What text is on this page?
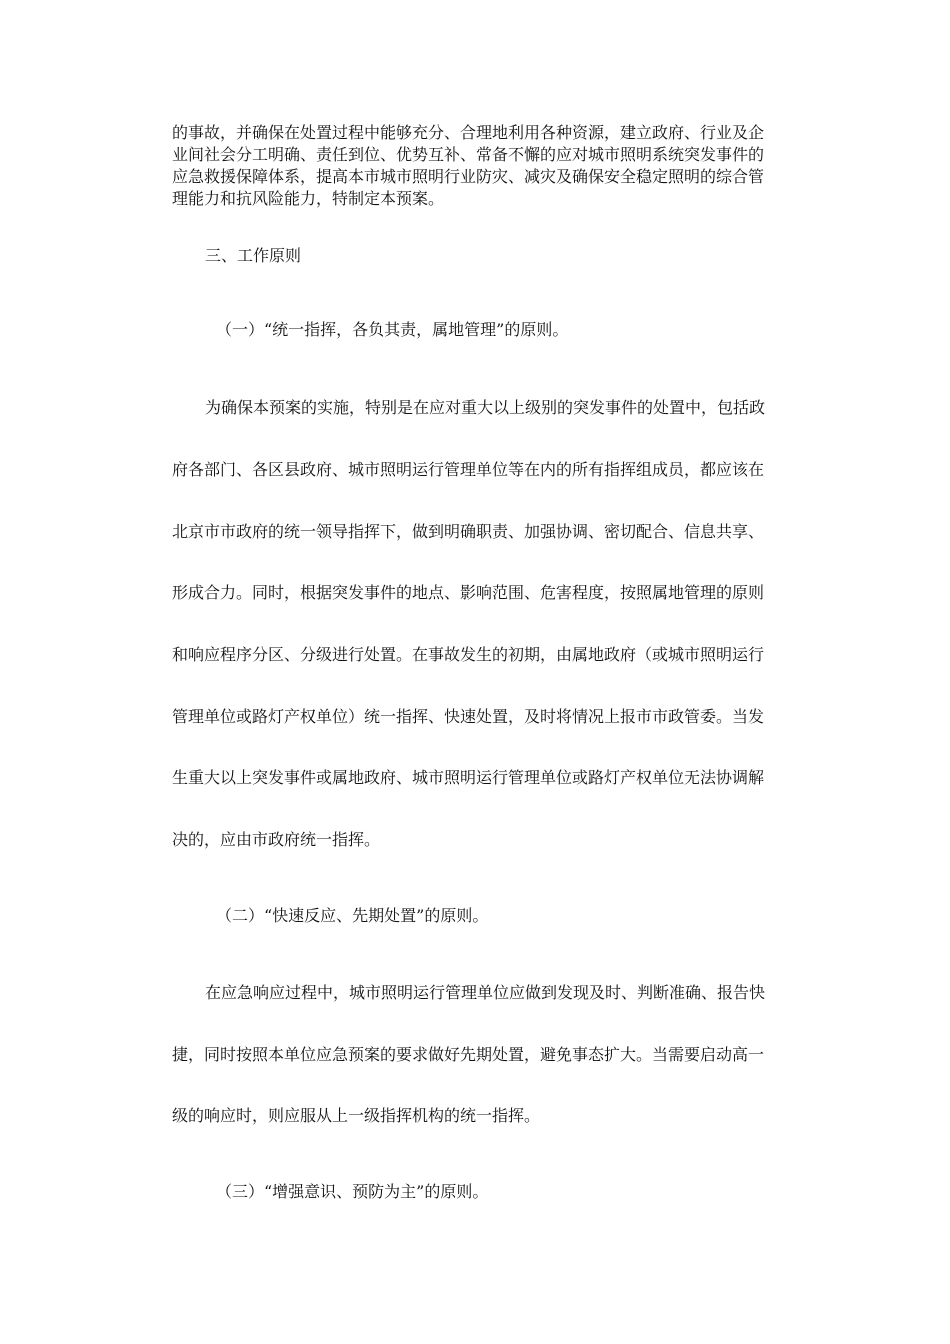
的事故，并确保在处置过程中能够充分、合理地利用各种资源，建立政府、行业及企
业间社会分工明确、责任到位、优势互补、常备不懈的应对城市照明系统突发事件的
应急救援保障体系，提高本市城市照明行业防灾、减灾及确保安全稳定照明的综合管
理能力和抗风险能力，特制定本预案。

三、工作原则

（一）“统一指挥，各负其责，属地管理”的原则。

为确保本预案的实施，特别是在应对重大以上级别的突发事件的处置中，包括政

府各部门、各区县政府、城市照明运行管理单位等在内的所有指挥组成员，都应该在

北京市市政府的统一领导指挥下，做到明确职责、加强协调、密切配合、信息共享、

形成合力。同时，根据突发事件的地点、影响范围、危害程度，按照属地管理的原则

和响应程序分区、分级进行处置。在事故发生的初期，由属地政府（或城市照明运行

管理单位或路灯产权单位）统一指挥、快速处置，及时将情况上报市市政管委。当发

生重大以上突发事件或属地政府、城市照明运行管理单位或路灯产权单位无法协调解

决的，应由市政府统一指挥。

（二）“快速反应、先期处置”的原则。

在应急响应过程中，城市照明运行管理单位应做到发现及时、判断准确、报告快

捷，同时按照本单位应急预案的要求做好先期处置，避免事态扩大。当需要启动高一

级的响应时，则应服从上一级指挥机构的统一指挥。

（三）“增强意识、预防为主”的原则。
